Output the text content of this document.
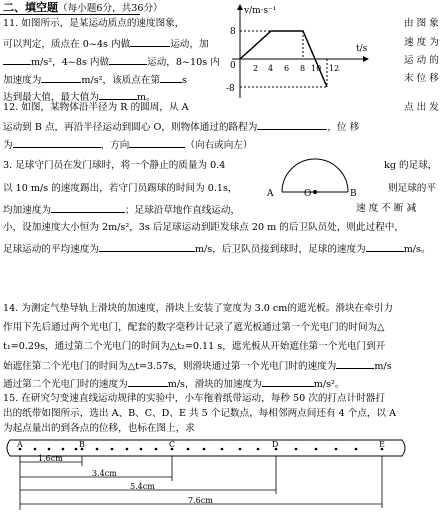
二、填空题（每小题6分，共36分）
11. 如图所示，是某运动质点的速度图象，	由 图 象
可以判定，质点在 0~4s 内做	运动，加	速 度 为
m/s²，4~8s 内做	运动，8~10s 内	运 动 的
加速度为	m/s²，该质点在第 s	末 位 移
达到最大值，最大值为	m。
v/m·s⁻¹
t/s
0
8
-8
2 4 6 8 10 12
12. 如图，某物体沿半径为 R 的圆周，从 A	点 出 发
运动到 B 点，再沿半径运动到圆心 O，则物体通过的路程为	，位 移
为	，方向	（向右或向左）
3. 足球守门员在发门球时，将一个静止的质量为 0.4	kg 的足球，
A	O	B
以 10 m/s 的速度踢出，若守门员踢球的时间为 0.1s，	则足球的平
均加速度为	；足球沿草地作直线运动，	速 度 不 断 减
小，设加速度大小恒为 2m/s²，3s 后足球运动到距发球点 20 m 的后卫队员处，则此过程中，
足球运动的平均速度为	m/s，后卫队员接到球时，足球的速度为	m/s。
14. 为测定气垫导轨上滑块的加速度，滑块上安装了宽度为 3.0 cm的遮光板。滑块在牵引力
作用下先后通过两个光电门，配套的数字毫秒计记录了遮光板通过第一个光电门的时间为△
t₁=0.29s，通过第二个光电门的时间为△t₂=0.11 s，遮光板从开始遮住第一个光电门到开
始遮住第二个光电门的时间为△t=3.57s，则滑块通过第一个光电门时的速度为	m/s
通过第二个光电门时的速度为	m/s，滑块的加速度为	m/s²。
15. 在研究匀变速直线运动规律的实验中，小车拖着纸带运动，每秒 50 次的打点计时器打
出的纸带如图所示，选出 A、B、C、D、E 共 5 个记数点，每相邻两点间还有 4 个点，以 A
为起点量出的到各点的位移，也标在图上，求
A	B	C	D	E
1.6cm
3.4cm
5.4cm
7.6cm
